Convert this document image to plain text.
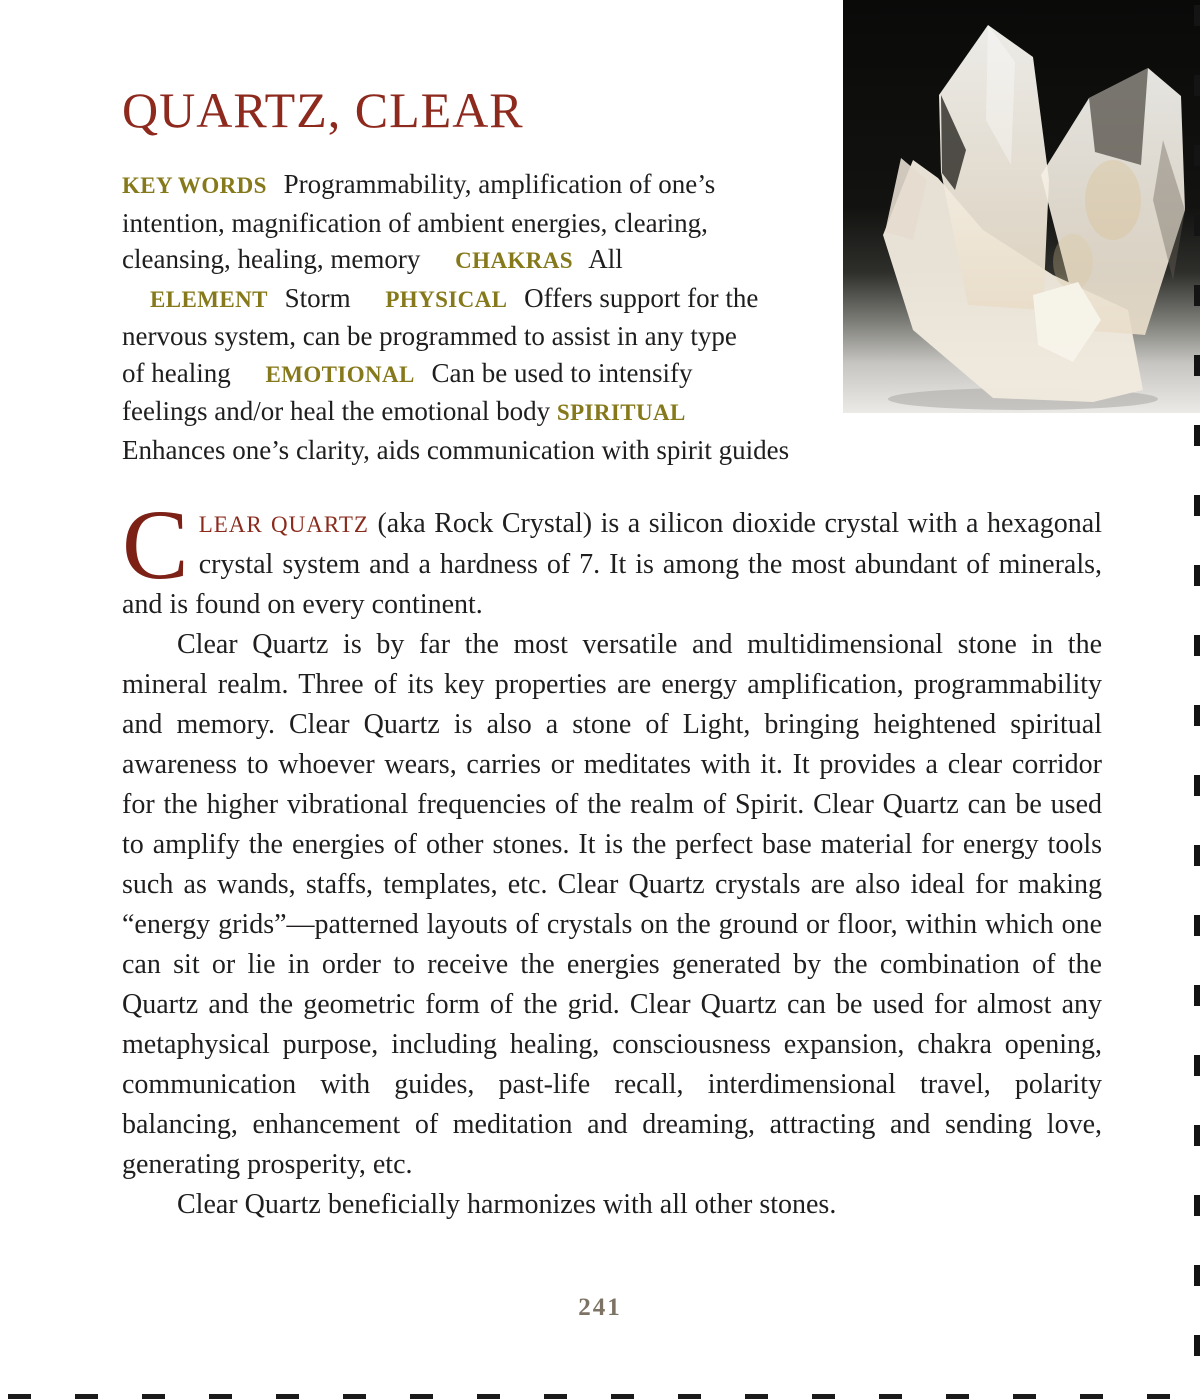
QUARTZ, CLEAR

KEY WORDS Programmability, amplification of one’s intention, magnification of ambient energies, clearing, cleansing, healing, memory CHAKRAS All ELEMENT Storm PHYSICAL Offers support for the nervous system, can be programmed to assist in any type of healing EMOTIONAL Can be used to intensify feelings and/or heal the emotional body SPIRITUAL Enhances one’s clarity, aids communication with spirit guides

CLEAR QUARTZ (aka Rock Crystal) is a silicon dioxide crystal with a hexagonal crystal system and a hardness of 7. It is among the most abundant of minerals, and is found on every continent.

Clear Quartz is by far the most versatile and multidimensional stone in the mineral realm. Three of its key properties are energy amplification, programmability and memory. Clear Quartz is also a stone of Light, bringing heightened spiritual awareness to whoever wears, carries or meditates with it. It provides a clear corridor for the higher vibrational frequencies of the realm of Spirit. Clear Quartz can be used to amplify the energies of other stones. It is the perfect base material for energy tools such as wands, staffs, templates, etc. Clear Quartz crystals are also ideal for making “energy grids”—patterned layouts of crystals on the ground or floor, within which one can sit or lie in order to receive the energies generated by the combination of the Quartz and the geometric form of the grid. Clear Quartz can be used for almost any metaphysical purpose, including healing, consciousness expansion, chakra opening, communication with guides, past-life recall, interdimensional travel, polarity balancing, enhancement of meditation and dreaming, attracting and sending love, generating prosperity, etc.

Clear Quartz beneficially harmonizes with all other stones.

241
